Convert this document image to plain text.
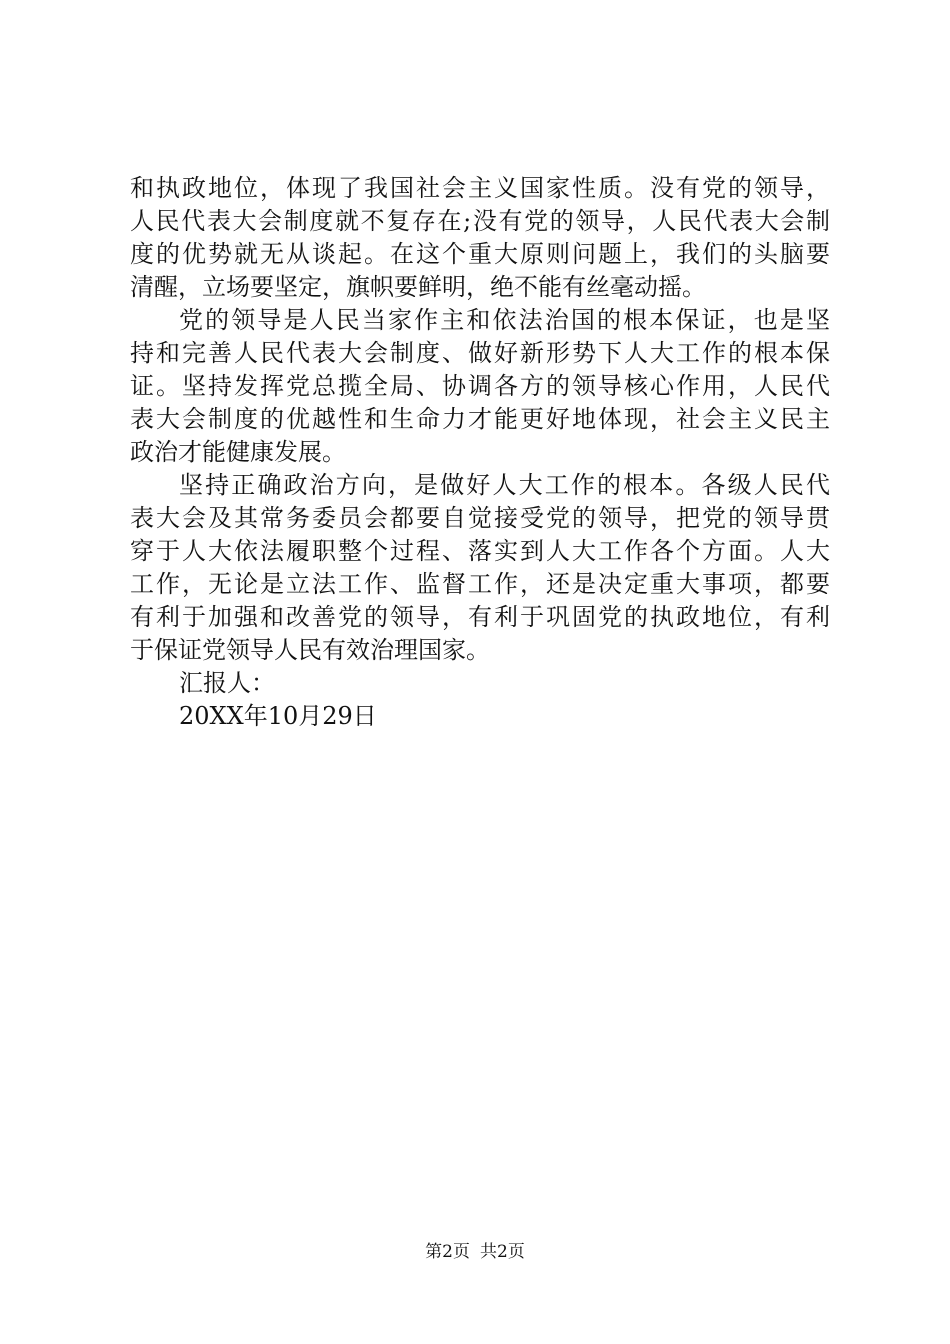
和执政地位，体现了我国社会主义国家性质。没有党的领导，
人民代表大会制度就不复存在;没有党的领导，人民代表大会制
度的优势就无从谈起。在这个重大原则问题上，我们的头脑要
清醒，立场要坚定，旗帜要鲜明，绝不能有丝毫动摇。
党的领导是人民当家作主和依法治国的根本保证，也是坚
持和完善人民代表大会制度、做好新形势下人大工作的根本保
证。坚持发挥党总揽全局、协调各方的领导核心作用，人民代
表大会制度的优越性和生命力才能更好地体现，社会主义民主
政治才能健康发展。
坚持正确政治方向，是做好人大工作的根本。各级人民代
表大会及其常务委员会都要自觉接受党的领导，把党的领导贯
穿于人大依法履职整个过程、落实到人大工作各个方面。人大
工作，无论是立法工作、监督工作，还是决定重大事项，都要
有利于加强和改善党的领导，有利于巩固党的执政地位，有利
于保证党领导人民有效治理国家。
汇报人：
20XX年10月29日
第2页 共2页
